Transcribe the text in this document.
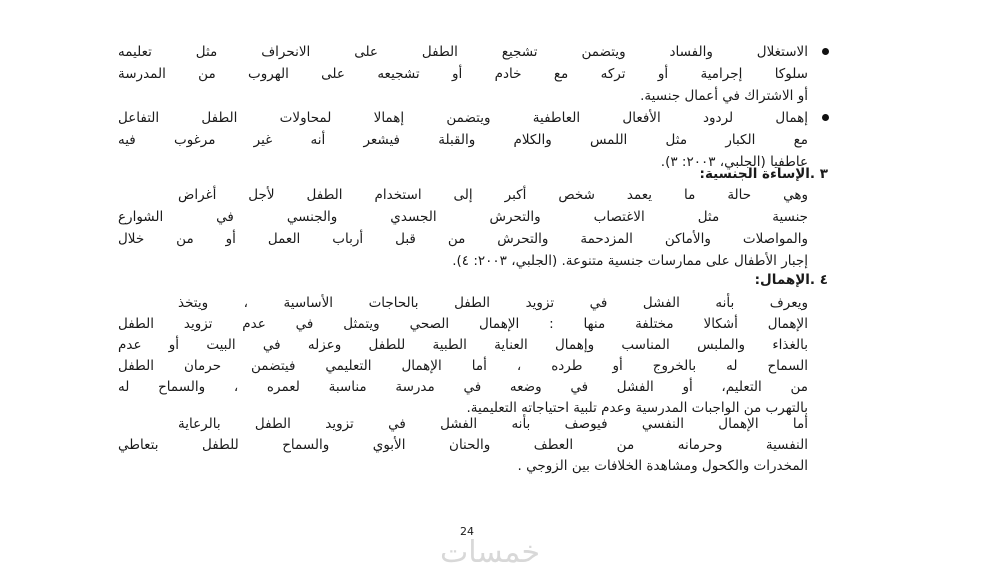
الاستغلال والفساد ويتضمن تشجيع الطفل على الانحراف مثل تعليمه
سلوكا إجرامية أو تركه مع خادم أو تشجيعه على الهروب من المدرسة
أو الاشتراك في أعمال جنسية.
إهمال لردود الأفعال العاطفية ويتضمن إهمالا لمحاولات الطفل التفاعل
مع الكبار مثل اللمس والكلام والقبلة فيشعر أنه غير مرغوب فيه
عاطفيا (الجلبي، ٢٠٠٣: ٣).
٣ .الإساءة الجنسية:
وهي حالة ما يعمد شخص أكبر إلى استخدام الطفل لأجل أغراض
جنسية مثل الاغتصاب والتحرش الجسدي والجنسي في الشوارع
والمواصلات والأماكن المزدحمة والتحرش من قبل أرباب العمل أو من خلال
إجبار الأطفال على ممارسات جنسية متنوعة. (الجلبي، ٢٠٠٣: ٤).
٤ .الإهمال:
ويعرف بأنه الفشل في تزويد الطفل بالحاجات الأساسية ، ويتخذ
الإهمال أشكالا مختلفة منها : الإهمال الصحي ويتمثل في عدم تزويد الطفل
بالغذاء والملبس المناسب وإهمال العناية الطبية للطفل وعزله في البيت أو عدم
السماح له بالخروج أو طرده ، أما الإهمال التعليمي فيتضمن حرمان الطفل
من التعليم، أو الفشل في وضعه في مدرسة مناسبة لعمره ، والسماح له
بالتهرب من الواجبات المدرسية وعدم تلبية احتياجاته التعليمية.
أما الإهمال النفسي فيوصف بأنه الفشل في تزويد الطفل بالرعاية
النفسية وحرمانه من العطف والحنان الأبوي والسماح للطفل بتعاطي
المخدرات والكحول ومشاهدة الخلافات بين الزوجي .
24
خمسات
